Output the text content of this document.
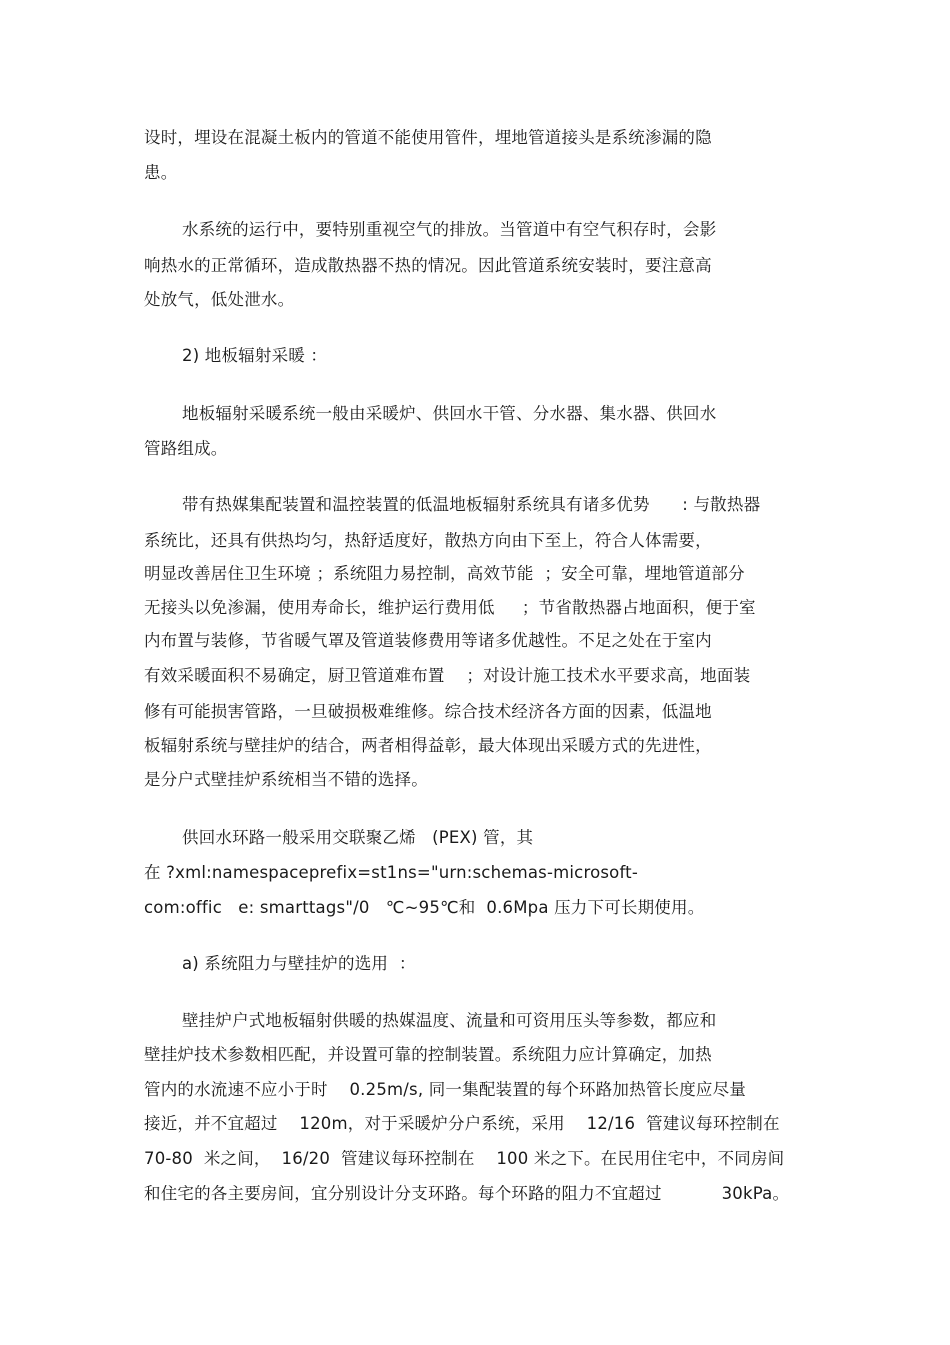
设时，埋设在混凝土板内的管道不能使用管件，埋地管道接头是系统渗漏的隐
患。
水系统的运行中，要特别重视空气的排放。当管道中有空气积存时，会影
响热水的正常循环，造成散热器不热的情况。因此管道系统安装时，要注意高
处放气，低处泄水。
2) 地板辐射采暖 ：
地板辐射采暖系统一般由采暖炉、供回水干管、分水器、集水器、供回水
管路组成。
带有热媒集配装置和温控装置的低温地板辐射系统具有诸多优势      : 与散热器
系统比，还具有供热均匀，热舒适度好，散热方向由下至上，符合人体需要，
明显改善居住卫生环境 ；系统阻力易控制，高效节能  ；安全可靠，埋地管道部分
无接头以免渗漏，使用寿命长，维护运行费用低     ；节省散热器占地面积，便于室
内布置与装修，节省暖气罩及管道装修费用等诸多优越性。不足之处在于室内
有效采暖面积不易确定，厨卫管道难布置    ；对设计施工技术水平要求高，地面装
修有可能损害管路，一旦破损极难维修。综合技术经济各方面的因素，低温地
板辐射系统与壁挂炉的结合，两者相得益彰，最大体现出采暖方式的先进性，
是分户式壁挂炉系统相当不错的选择。
供回水环路一般采用交联聚乙烯   (PEX) 管，其
在 ?xml:namespaceprefix=st1ns="urn:schemas-microsoft-
com:offic   e: smarttags"/0   ℃~95℃和  0.6Mpa 压力下可长期使用。
a) 系统阻力与壁挂炉的选用  ：
壁挂炉户式地板辐射供暖的热媒温度、流量和可资用压头等参数，都应和
壁挂炉技术参数相匹配，并设置可靠的控制装置。系统阻力应计算确定，加热
管内的水流速不应小于时    0.25m/s, 同一集配装置的每个环路加热管长度应尽量
接近，并不宜超过    120m，对于采暖炉分户系统，采用    12/16  管建议每环控制在
70-80  米之间，  16/20  管建议每环控制在    100 米之下。在民用住宅中，不同房间
和住宅的各主要房间，宜分别设计分支环路。每个环路的阻力不宜超过           30kPa。
